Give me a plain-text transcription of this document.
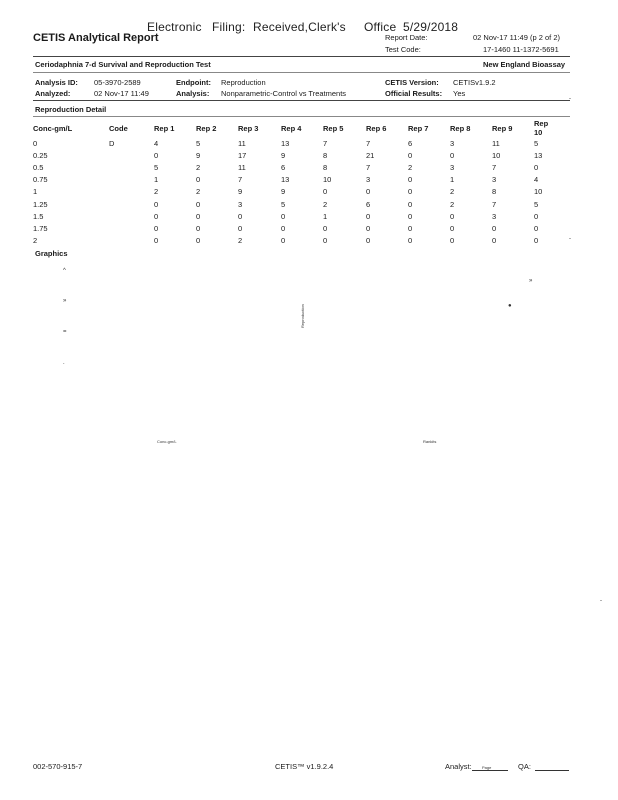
Electronic Filing: Received,Clerk's Office 5/29/2018
CETIS Analytical Report	Report Date:	02 Nov-17 11:49 (p 2 of 2)
Test Code:	17-1460 11-1372-5691
Ceriodaphnia 7-d Survival and Reproduction Test	New England Bioassay
Analysis ID: 05-3970-2589	Endpoint: Reproduction	CETIS Version: CETISv1.9.2
Analyzed:	02 Nov-17 11:49	Analysis: Nonparametric-Control vs Treatments	Official Results: Yes
Reproduction Detail
Conc-gm/L	Code	Rep 1	Rep 2	Rep 3	Rep 4	Rep 5	Rep 6	Rep 7	Rep 8	Rep 9	Rep 10
0	D	4	5	11	13	7	7	6	3	11	5
0.25		0	9	17	9	8	21	0	0	10	13
0.5		5	2	11	6	8	7	2	3	7	0
0.75		1	0	7	13	10	3	0	1	3	4
1		2	2	9	9	0	0	0	2	8	10
1.25		0	0	3	5	2	6	0	2	7	5
1.5		0	0	0	0	1	0	0	0	3	0
1.75		0	0	0	0	0	0	0	0	0	0
2		0	0	2	0	0	0	0	0	0	0
Graphics
^
»
=
.
Reproduction
»
●
Conc-gm/L	Rankits
-
-
-
002-570-915-7	CETIS™ v1.9.2.4	Analyst:	Page	QA:
